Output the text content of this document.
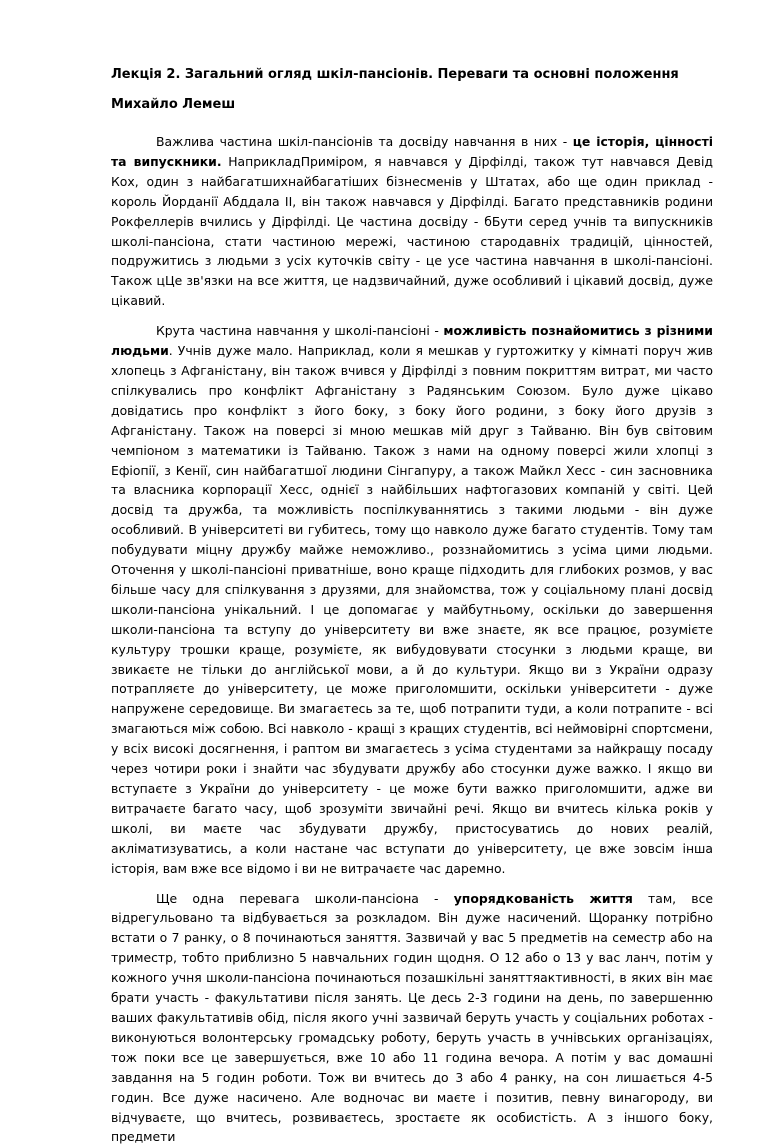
Лекція 2. Загальний огляд шкіл-пансіонів. Переваги та основні положення

Михайло Лемеш

Важлива частина шкіл-пансіонів та досвіду навчання в них - це історія, цінності та випускники. НаприкладПриміром, я навчався у Дірфілді, також тут навчався Девід Кох, один з найбагатшихнайбагатіших бізнесменів у Штатах, або ще один приклад - король Йорданії Абддала II, він також навчався у Дірфілді. Багато представників родини Рокфеллерів вчились у Дірфілді. Це частина досвіду - бБути серед учнів та випускників школі-пансіона, стати частиною мережі, частиною стародавніх традицій, цінностей, подружитись з людьми з усіх куточків світу - це усе частина навчання в школі-пансіоні. Також цЦе зв'язки на все життя, це надзвичайний, дуже особливий і цікавий досвід, дуже цікавий.

Крута частина навчання у школі-пансіоні - можливість познайомитись з різними людьми. Учнів дуже мало. Наприклад, коли я мешкав у гуртожитку у кімнаті поруч жив хлопець з Афганістану, він також вчився у Дірфілді з повним покриттям витрат, ми часто спілкувались про конфлікт Афганістану з Радянським Союзом. Було дуже цікаво довідатись про конфлікт з його боку, з боку його родини, з боку його друзів з Афганістану. Також на поверсі зі мною мешкав мій друг з Тайваню. Він був світовим чемпіоном з математики із Тайваню. Також з нами на одному поверсі жили хлопці з Ефіопії, з Кенії, син найбагатшої людини Сінгапуру, а також Майкл Хесс - син засновника та власника корпорації Хесс, однієї з найбільших нафтогазових компаній у світі. Цей досвід та дружба, та можливість поспілкуваннятись з такими людьми - він дуже особливий. В університеті ви губитесь, тому що навколо дуже багато студентів. Тому там побудувати міцну дружбу майже неможливо., роззнайомитись з усіма цими людьми. Оточення у школі-пансіоні приватніше, воно краще підходить для глибоких розмов, у вас більше часу для спілкування з друзями, для знайомства, тож у соціальному плані досвід школи-пансіона унікальний. І це допомагає у майбутньому, оскільки до завершення школи-пансіона та вступу до університету ви вже знаєте, як все працює, розумієте культуру трошки краще, розумієте, як вибудовувати стосунки з людьми краще, ви звикаєте не тільки до англійської мови, а й до культури. Якщо ви з України одразу потрапляєте до університету, це може приголомшити, оскільки університети - дуже напружене середовище. Ви змагаєтесь за те, щоб потрапити туди, а коли потрапите - всі змагаються між собою. Всі навколо - кращі з кращих студентів, всі неймовірні спортсмени, у всіх високі досягнення, і раптом ви змагаєтесь з усіма студентами за найкращу посаду через чотири роки і знайти час збудувати дружбу або стосунки дуже важко. І якщо ви вступаєте з України до університету - це може бути важко приголомшити, адже ви витрачаєте багато часу, щоб зрозуміти звичайні речі. Якщо ви вчитесь кілька років у школі, ви маєте час збудувати дружбу, пристосуватись до нових реалій, акліматизуватись, а коли настане час вступати до університету, це вже зовсім інша історія, вам вже все відомо і ви не витрачаєте час даремно.

Ще одна перевага школи-пансіона - упорядкованість життя там, все відрегульовано та відбувається за розкладом. Він дуже насичений. Щоранку потрібно встати о 7 ранку, о 8 починаються заняття. Зазвичай у вас 5 предметів на семестр або на триместр, тобто приблизно 5 навчальних годин щодня. О 12 або о 13 у вас ланч, потім у кожного учня школи-пансіона починаються позашкільні заняттяактивності, в яких він має брати участь - факультативи після занять. Це десь 2-3 години на день, по завершенню ваших факультативів обід, після якого учні зазвичай беруть участь у соціальних роботах - виконуються волонтерську громадську роботу, беруть участь в учнівських організаціях, тож поки все це завершується, вже 10 або 11 година вечора. А потім у вас домашні завдання на 5 годин роботи. Тож ви вчитесь до 3 або 4 ранку, на сон лишається 4-5 годин. Все дуже насичено. Але водночас ви маєте і позитив, певну винагороду, ви відчуваєте, що вчитесь, розвиваєтесь, зростаєте як особистість. А з іншого боку, предмети
